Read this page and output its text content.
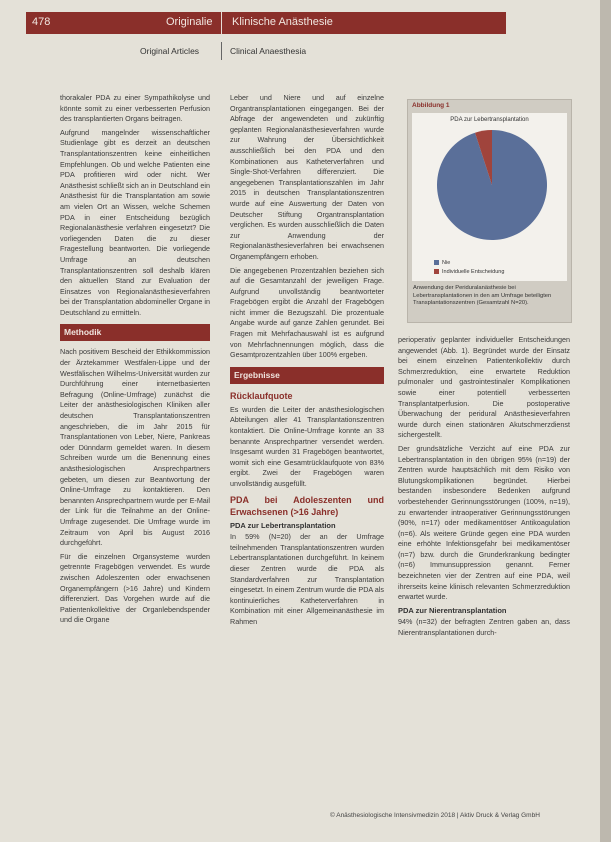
478	Originalie Klinische Anästhesie
Original Articles	Clinical Anaesthesia

thorakaler PDA zu einer Sympathikolyse und könnte somit zu einer verbesserten Perfusion des transplantierten Organs beitragen.

Aufgrund mangelnder wissenschaftlicher Studienlage gibt es derzeit an deutschen Transplantationszentren keine einheitlichen Empfehlungen. Ob und welche Patienten eine PDA profitieren wird oder nicht. Wer Anästhesist schließt sich an in Deutschland ein Anästhesist für die Transplantation am sowie am vielen Ort an Wissen, welche Schemen PDA in einer Entscheidung bezüglich Regionalanästhesie verfahren eingesetzt? Die vorliegenden Daten die zu dieser Fragestellung beantworten. Die vorliegende Umfrage an deutschen Transplantationszentren soll deshalb klären den aktuellen Stand zur Evaluation der Einsatzes von Regionalanästhesieverfahren bei der Transplantation abdomineller Organe in Deutschland zu ermitteln.

Methodik

Nach positivem Bescheid der Ethikkommission der Ärztekammer Westfalen-Lippe und der Westfälischen Wilhelms-Universität wurden zur Durchführung einer internetbasierten Befragung (Online-Umfrage) zunächst die Leiter der anästhesiologischen Kliniken aller deutschen Transplantationszentren angeschrieben, die im Jahr 2015 für Transplantationen von Leber, Niere, Pankreas oder Dünndarm gemeldet waren. In diesem Schreiben wurde um die Benennung eines anästhesiologischen Ansprechpartners gebeten, um diesen zur Beantwortung der Online-Umfrage zu kontaktieren. Den benannten Ansprechpartnern wurde per E-Mail der Link für die Teilnahme an der Online-Umfrage zugesendet. Die Umfrage wurde im Zeitraum von April bis August 2016 durchgeführt.

Für die einzelnen Organsysteme wurden getrennte Fragebögen verwendet. Es wurde zwischen Adoleszenten oder erwachsenen Organempfängern (>16 Jahre) und Kindern differenziert. Das Vorgehen wurde auf die Patientenkollektive der Organlebendspender und die Organe

Leber und Niere und auf einzelne Organtransplantationen eingegangen. Bei der Abfrage der angewendeten und zukünftig geplanten Regionalanästhesieverfahren wurde zur Wahrung der Übersichtlichkeit ausschließlich bei den PDA und den Kombinationen aus Katheterverfahren und Single-Shot-Verfahren differenziert. Die angegebenen Transplantationszahlen im Jahr 2015 in deutschen Transplantationszentren wurde auf eine Auswertung der Daten von Deutscher Stiftung Organtransplantation verglichen. Es wurden ausschließlich die Daten zur Anwendung der Regionalanästhesieverfahren bei erwachsenen Organempfängern erhoben.

Die angegebenen Prozentzahlen beziehen sich auf die Gesamtanzahl der jeweiligen Frage. Aufgrund unvollständig beantworteter Fragebögen ergibt die Anzahl der Fragebögen nicht immer die Bezugszahl. Die prozentuale Angabe wurde auf ganze Zahlen gerundet. Bei Fragen mit Mehrfachauswahl ist es aufgrund von Mehrfachnennungen möglich, dass die Gesamtprozentzahlen über 100% ergeben.

Ergebnisse
Rücklaufquote

Es wurden die Leiter der anästhesiologischen Abteilungen aller 41 Transplantationszentren kontaktiert. Die Online-Umfrage konnte an 33 benannte Ansprechpartner versendet werden. Insgesamt wurden 31 Fragebögen beantwortet, womit sich eine Gesamtrücklaufquote von 83% ergibt. Zwei der Fragebögen waren unvollständig ausgefüllt.

PDA bei Adoleszenten und Erwachsenen (>16 Jahre)
PDA zur Lebertransplantation

In 59% (N=20) der an der Umfrage teilnehmenden Transplantationszentren wurden Lebertransplantationen durchgeführt. In keinem dieser Zentren wurde die PDA als Standardverfahren zur Transplantation eingesetzt. In einem Zentrum wurde die PDA als kontinuierliches Katheterverfahren in Kombination mit einer Allgemeinanästhesie im Rahmen

Abbildung 1
PDA zur Lebertransplantation
Nie
Individuelle Entscheidung
Anwendung der Periduralanästhesie bei Lebertransplantationen in den am Umfrage beteiligten Transplantationszentren (Gesamtzahl N=20).

perioperativ geplanter individueller Entscheidungen angewendet (Abb. 1). Begründet wurde der Einsatz bei einem einzelnen Patientenkollektiv durch Schmerzreduktion, eine erwartete Reduktion pulmonaler und gastrointestinaler Komplikationen sowie einer potentiell verbesserten Transplantatperfusion. Die postoperative Überwachung der peridural Anästhesieverfahren wurde durch einen stationären Akutschmerzdienst sichergestellt.

Der grundsätzliche Verzicht auf eine PDA zur Lebertransplantation in den übrigen 95% (n=19) der Zentren wurde hauptsächlich mit dem Risiko von Blutungskomplikationen begründet. Hierbei bestanden insbesondere Bedenken aufgrund vorbestehender Gerinnungsstörungen (100%, n=19), zu erwartender intraoperativer Gerinnungsstörungen (90%, n=17) oder medikamentöser Antikoagulation (n=6). Als weitere Gründe gegen eine PDA wurden eine erhöhte Infektionsgefahr bei medikamentöser (n=7) bzw. durch die Grunderkrankung bedingter (n=6) Immunsuppression genannt. Ferner bezeichneten vier der Zentren auf eine PDA, weil ihrerseits keine klinisch relevanten Schmerzreduktion erwartet wurde.

PDA zur Nierentransplantation

94% (n=32) der befragten Zentren gaben an, dass Nierentransplantationen durch-

© Anästhesiologische Intensivmedizin 2018 | Aktiv Druck & Verlag GmbH
